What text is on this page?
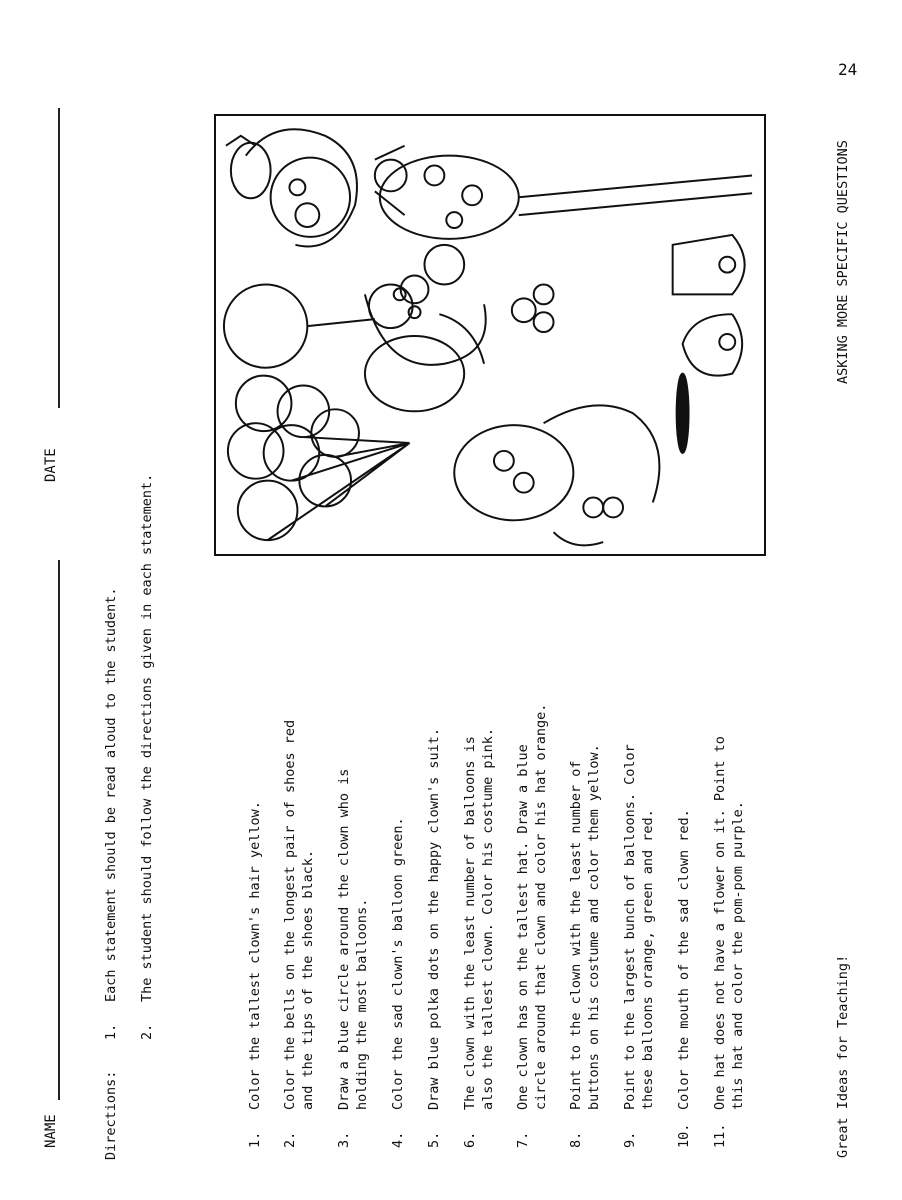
24
NAME
DATE
Directions:
1.Each statement should be read aloud to the student.
2.The student should follow the directions given in each statement.
1.Color the tallest clown's hair yellow.
2.Color the bells on the longest pair of shoes red and the tips of the shoes black.
3.Draw a blue circle around the clown who is holding the most balloons.
4.Color the sad clown's balloon green.
5.Draw blue polka dots on the happy clown's suit.
6.The clown with the least number of balloons is also the tallest clown. Color his costume pink.
7.One clown has on the tallest hat. Draw a blue circle around that clown and color his hat orange.
8.Point to the clown with the least number of buttons on his costume and color them yellow.
9.Point to the largest bunch of balloons. Color these balloons orange, green and red.
10.Color the mouth of the sad clown red.
11.One hat does not have a flower on it. Point to this hat and color the pom-pom purple.	Great Ideas for Teaching!
ASKING MORE SPECIFIC QUESTIONS
